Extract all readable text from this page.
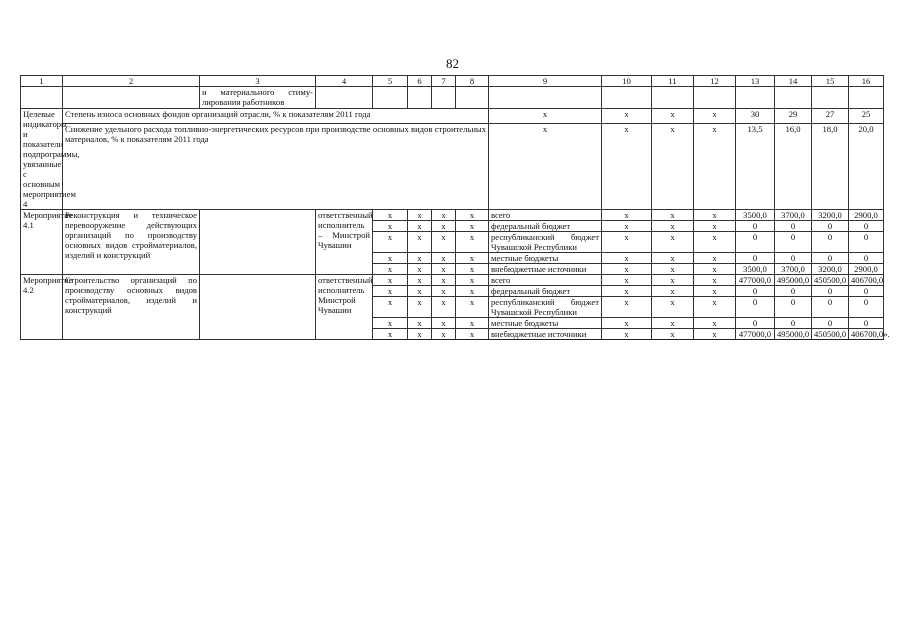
82
1	2	3	4	5	6	7	8	9	10	11	12	13	14	15	16
		и материального стиму- лирования работников													
Целевые индикаторы и показатели подпрограммы, увязанные с основным мероприятием 4	Степень износа основных фондов организаций отрасли, % к показателям 2011 года							х	х	х	х	30	29	27	25
	Снижение удельного расхода топливно-энергетических ресурсов при производстве основных видов строительных материалов, % к показателям 2011 года							х	х	х	х	13,5	16,0	18,0	20,0
Мероприятие 4.1	Реконструкция и техническое перевооружение действующих организаций по производству основных видов стройматериалов, изделий и конструкций		ответственный исполнитель – Минстрой Чувашии	х	х	х	х	всего	х	х	х	3500,0	3700,0	3200,0	2900,0
				х	х	х	х	федеральный бюджет	х	х	х	0	0	0	0
				х	х	х	х	республиканский бюджет Чувашской Республики	х	х	х	0	0	0	0
				х	х	х	х	местные бюджеты	х	х	х	0	0	0	0
				х	х	х	х	внебюджетные источники	х	х	х	3500,0	3700,0	3200,0	2900,0
Мероприятие 4.2	Строительство организаций по производству основных видов стройматериалов, изделий и конструкций		ответственный исполнитель Минстрой Чувашии	х	х	х	х	всего	х	х	х	477000,0	495000,0	450500,0	406700,0
				х	х	х	х	федеральный бюджет	х	х	х	0	0	0	0
				х	х	х	х	республиканский бюджет Чувашской Республики	х	х	х	0	0	0	0
				х	х	х	х	местные бюджеты	х	х	х	0	0	0	0
				х	х	х	х	внебюджетные источники	х	х	х	477000,0	495000,0	450500,0	406700,0».
